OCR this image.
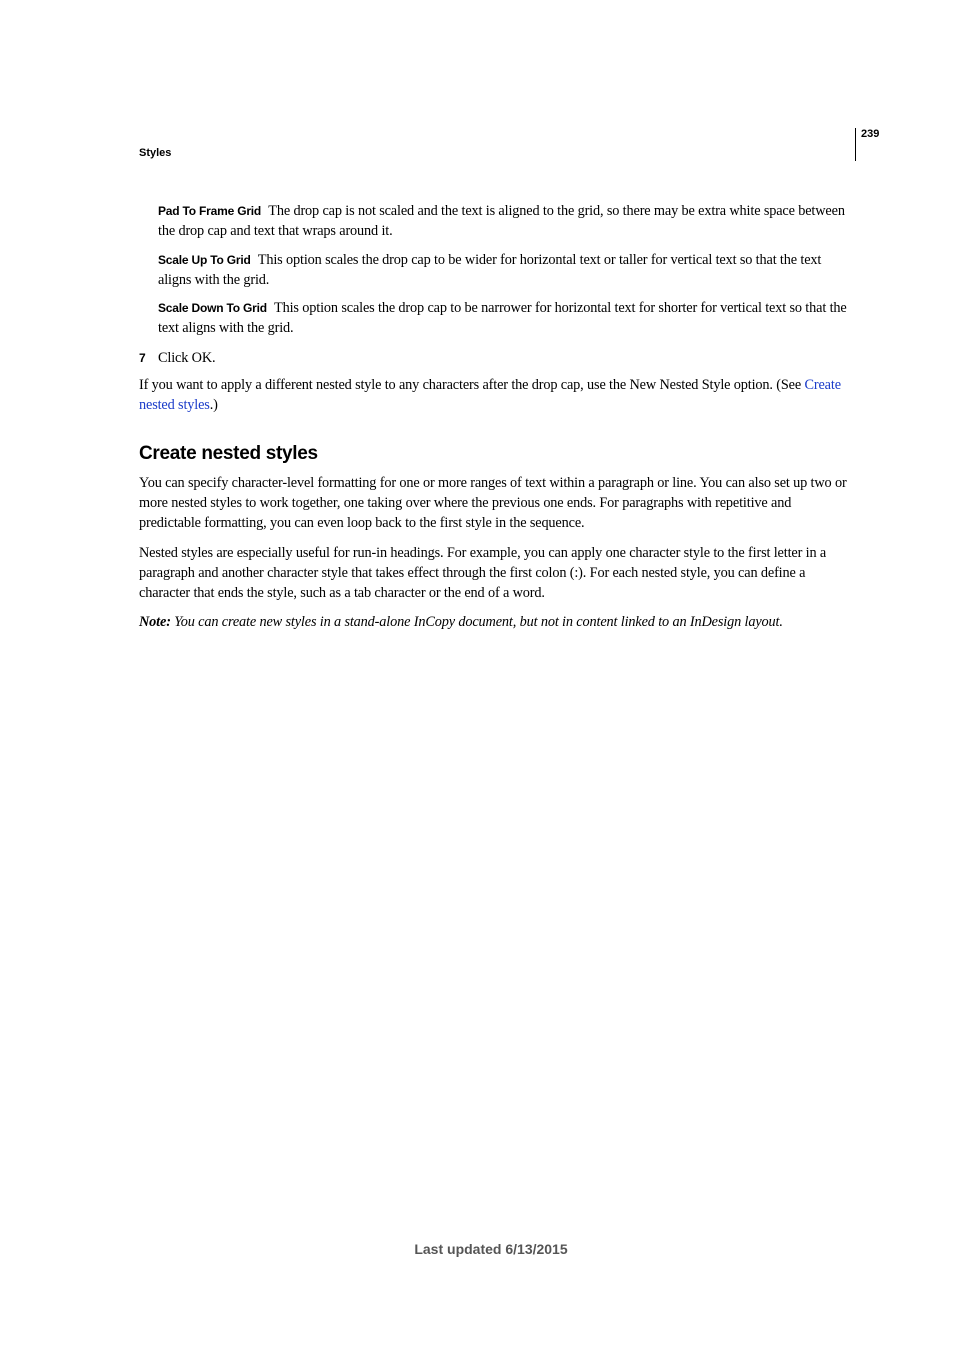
239
Styles
Pad To Frame Grid The drop cap is not scaled and the text is aligned to the grid, so there may be extra white space between the drop cap and text that wraps around it.
Scale Up To Grid This option scales the drop cap to be wider for horizontal text or taller for vertical text so that the text aligns with the grid.
Scale Down To Grid This option scales the drop cap to be narrower for horizontal text for shorter for vertical text so that the text aligns with the grid.
7 Click OK.
If you want to apply a different nested style to any characters after the drop cap, use the New Nested Style option. (See Create nested styles.)
Create nested styles
You can specify character-level formatting for one or more ranges of text within a paragraph or line. You can also set up two or more nested styles to work together, one taking over where the previous one ends. For paragraphs with repetitive and predictable formatting, you can even loop back to the first style in the sequence.
Nested styles are especially useful for run-in headings. For example, you can apply one character style to the first letter in a paragraph and another character style that takes effect through the first colon (:). For each nested style, you can define a character that ends the style, such as a tab character or the end of a word.
Note: You can create new styles in a stand-alone InCopy document, but not in content linked to an InDesign layout.
Last updated 6/13/2015
